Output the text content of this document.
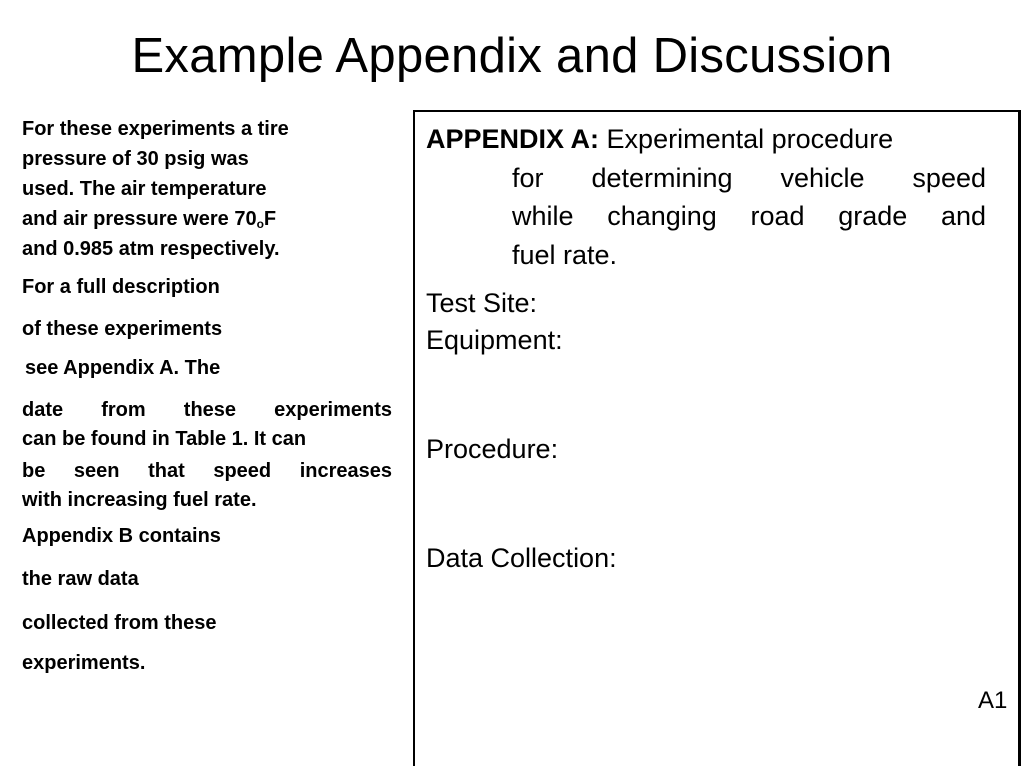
Example Appendix and Discussion
For these experiments a tire
pressure of 30 psig was
used. The air temperature
and air pressure were 70oF
and 0.985 atm respectively.
For a full description
of these experiments
see Appendix A. The
date from these experiments
can be found in Table 1. It can
be seen that speed increases
with increasing fuel rate.
Appendix B contains
the raw data
collected from these
experiments.
APPENDIX A: Experimental procedure
for determining vehicle speed
while changing road grade and
fuel rate.
Test Site:
Equipment:
Procedure:
Data Collection:
A1
